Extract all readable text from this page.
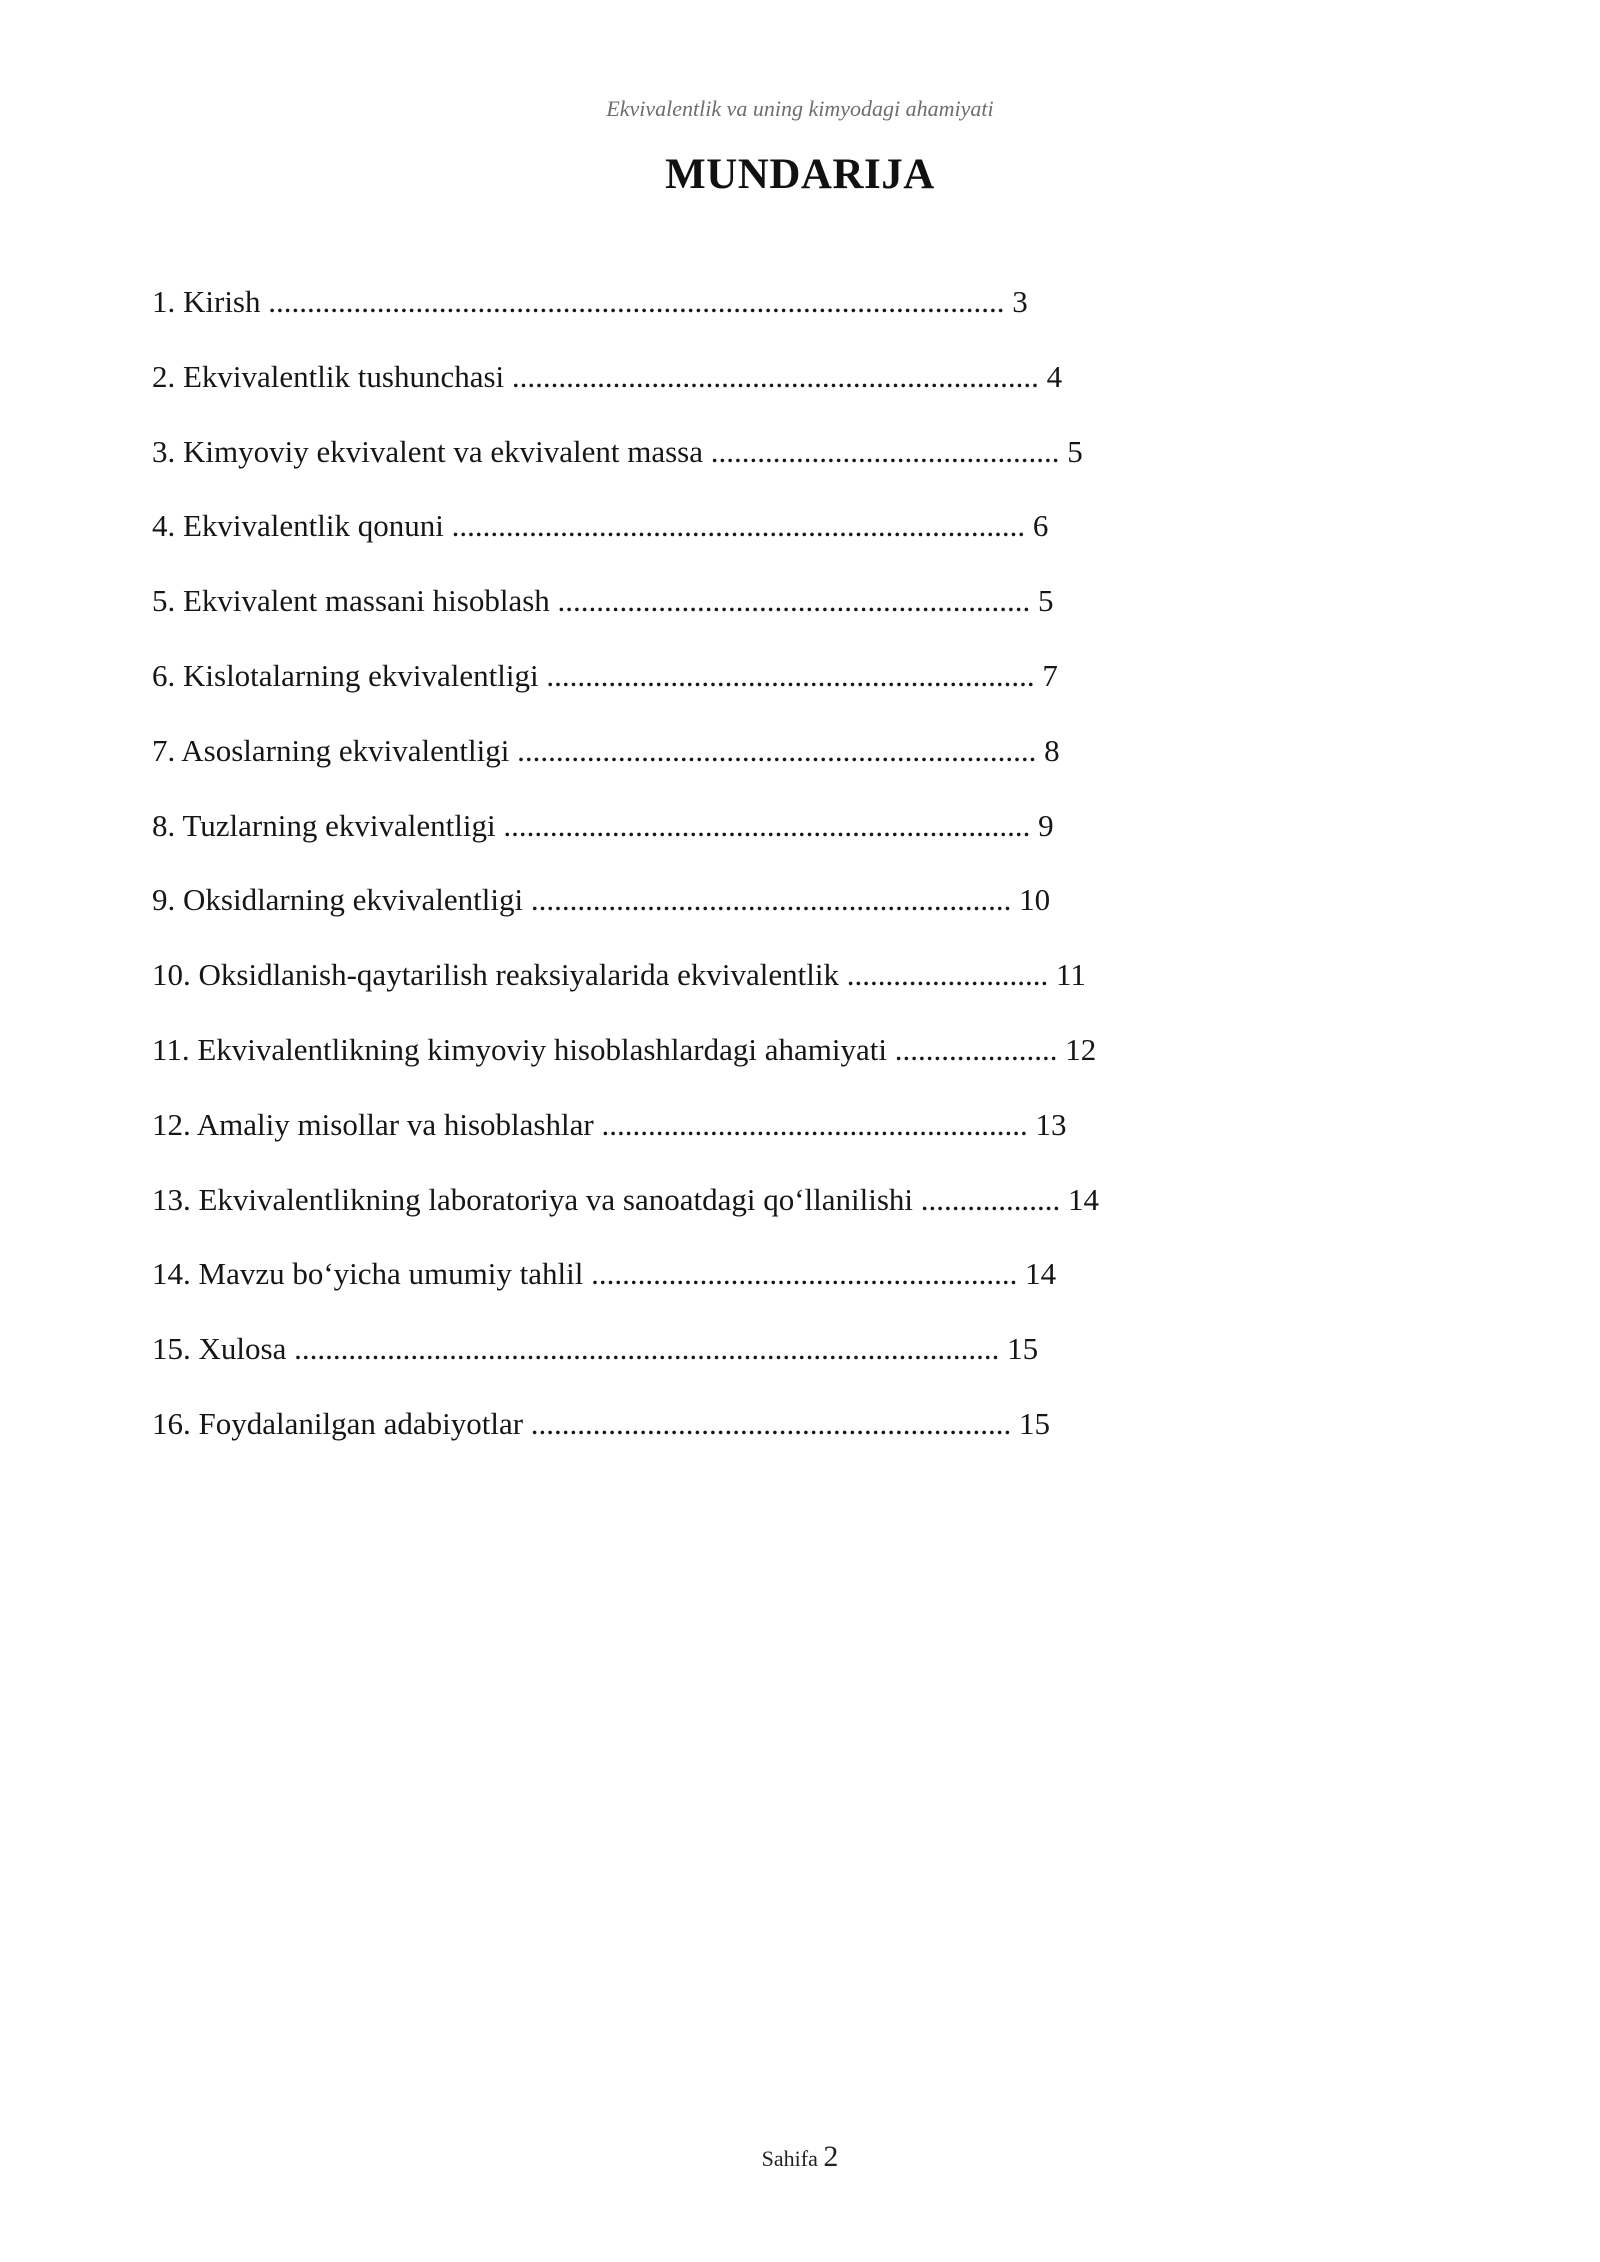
Ekvivalentlik va uning kimyodagi ahamiyati
MUNDARIJA
1. Kirish ............................................................................................... 3
2. Ekvivalentlik tushunchasi .................................................................... 4
3. Kimyoviy ekvivalent va ekvivalent massa ............................................. 5
4. Ekvivalentlik qonuni .......................................................................... 6
5. Ekvivalent massani hisoblash ............................................................. 5
6. Kislotalarning ekvivalentligi ............................................................... 7
7. Asoslarning ekvivalentligi ................................................................... 8
8. Tuzlarning ekvivalentligi .................................................................... 9
9. Oksidlarning ekvivalentligi .............................................................. 10
10. Oksidlanish-qaytarilish reaksiyalarida ekvivalentlik .......................... 11
11. Ekvivalentlikning kimyoviy hisoblashlardagi ahamiyati ..................... 12
12. Amaliy misollar va hisoblashlar ....................................................... 13
13. Ekvivalentlikning laboratoriya va sanoatdagi qo‘llanilishi .................. 14
14. Mavzu bo‘yicha umumiy tahlil ....................................................... 14
15. Xulosa ........................................................................................... 15
16. Foydalanilgan adabiyotlar .............................................................. 15
Sahifa 2
